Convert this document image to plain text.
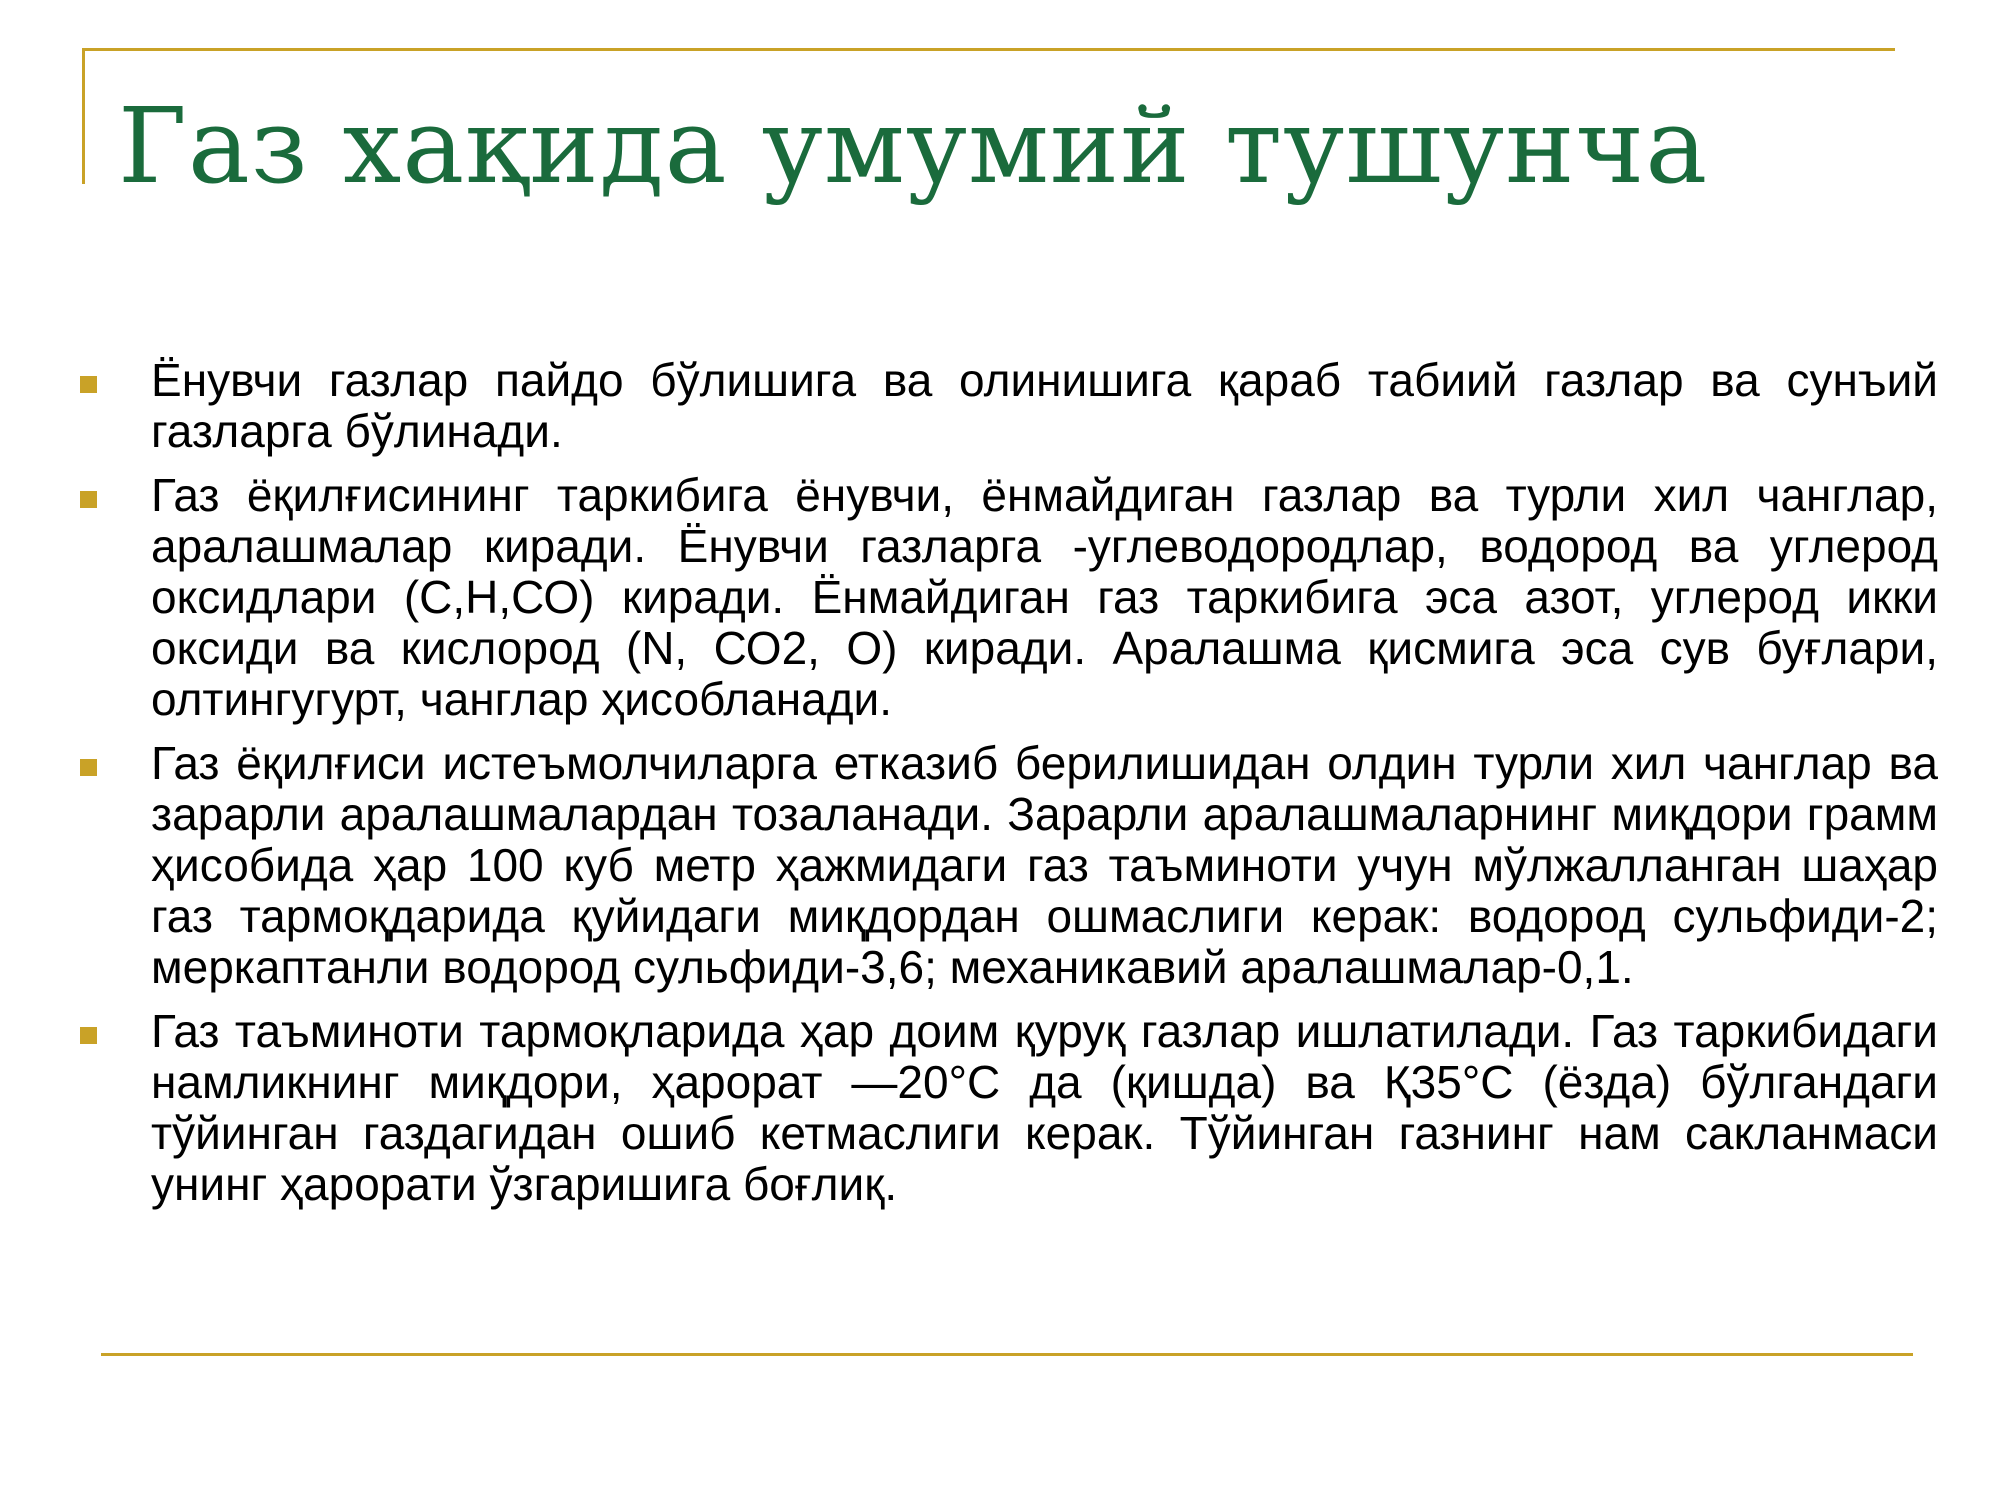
Газ хақида умумий тушунча
Ёнувчи газлар пайдо бўлишига ва олинишига қараб табиий газлар ва сунъий газларга бўлинади.
Газ ёқилғисининг таркибига ёнувчи, ёнмайдиган газлар ва турли хил чанглар, аралашмалар киради. Ёнувчи газларга -углеводородлар, водород ва углерод оксидлари (С,Н,СО) киради. Ёнмайдиган газ таркибига эса азот, углерод икки оксиди ва кислород (N, СО2, О) киради. Аралашма қисмига эса сув буғлари, олтингугурт, чанглар ҳисобланади.
Газ ёқилғиси истеъмолчиларга етказиб берилишидан олдин турли хил чанглар ва зарарли аралашмалардан тозаланади. Зарарли аралашмаларнинг миқдори грамм ҳисобида ҳар 100 куб метр ҳажмидаги газ таъминоти учун мўлжалланган шаҳар газ тармоқдарида қуйидаги миқдордан ошмаслиги керак: водород сульфиди-2; меркаптанли водород сульфиди-3,6; механикавий аралашмалар-0,1.
Газ таъминоти тармоқларида ҳар доим қуруқ газлар ишлатилади. Газ таркибидаги намликнинг миқдори, ҳарорат —20°С да (қишда) ва Қ35°С (ёзда) бўлгандаги тўйинган газдагидан ошиб кетмаслиги керак. Тўйинган газнинг нам сакланмаси унинг ҳарорати ўзгаришига боғлиқ.
